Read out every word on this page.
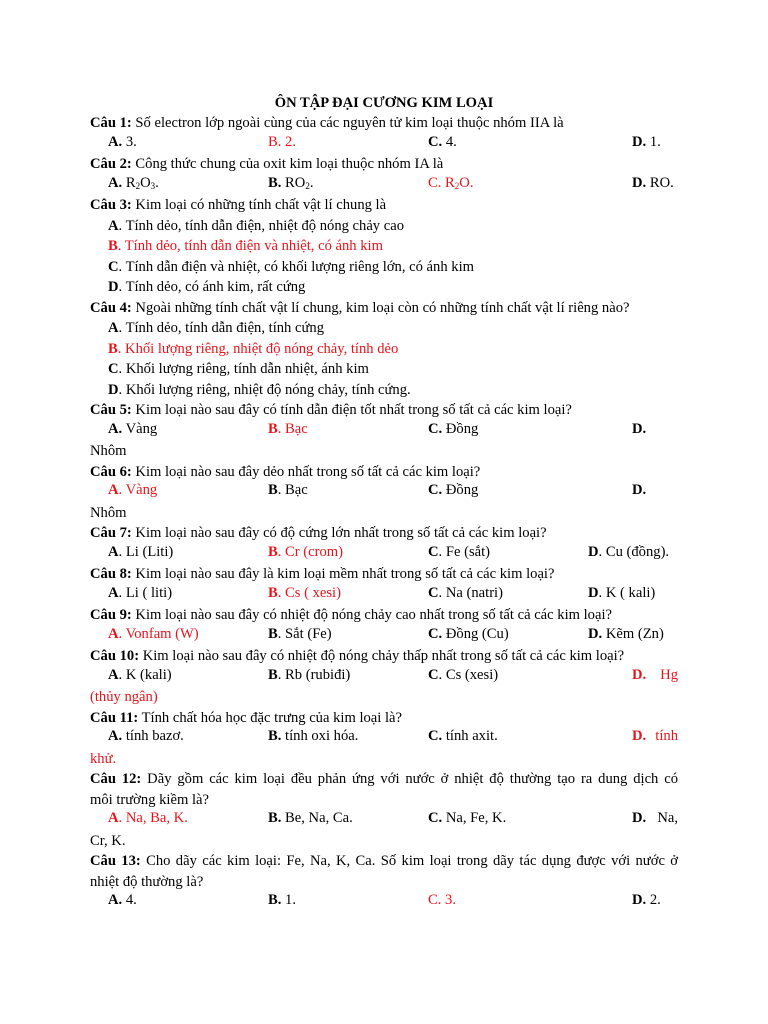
ÔN TẬP ĐẠI CƯƠNG KIM LOẠI
Câu 1: Số electron lớp ngoài cùng của các nguyên tử kim loại thuộc nhóm IIA là
A. 3.	B. 2.	C. 4.	D. 1.
Câu 2: Công thức chung của oxit kim loại thuộc nhóm IA là
A. $R_2O_3$.	B. $RO_2$.	C. $R_2O$.	D. RO.
Câu 3: Kim loại có những tính chất vật lí chung là
A. Tính dẻo, tính dẫn điện, nhiệt độ nóng chảy cao
B. Tính dẻo, tính dẫn điện và nhiệt, có ánh kim
C. Tính dẫn điện và nhiệt, có khối lượng riêng lớn, có ánh kim
D. Tính dẻo, có ánh kim, rất cứng
Câu 4: Ngoài những tính chất vật lí chung, kim loại còn có những tính chất vật lí riêng nào?
A. Tính dẻo, tính dẫn điện, tính cứng
B. Khối lượng riêng, nhiệt độ nóng chảy, tính dẻo
C. Khối lượng riêng, tính dẫn nhiệt, ánh kim
D. Khối lượng riêng, nhiệt độ nóng chảy, tính cứng.
Câu 5: Kim loại nào sau đây có tính dẫn điện tốt nhất trong số tất cả các kim loại?
A. Vàng	B. Bạc	C. Đồng	D.
Nhôm
Câu 6: Kim loại nào sau đây dẻo nhất trong số tất cả các kim loại?
A. Vàng	B. Bạc	C. Đồng	D.
Nhôm
Câu 7: Kim loại nào sau đây có độ cứng lớn nhất trong số tất cả các kim loại?
A. Li (Liti)	B. Cr (crom)	C. Fe (sắt)	D. Cu (đồng).
Câu 8: Kim loại nào sau đây là kim loại mềm nhất trong số tất cả các kim loại?
A. Li ( liti)	B. Cs ( xesi)	C. Na (natri)	D. K ( kali)
Câu 9: Kim loại nào sau đây có nhiệt độ nóng chảy cao nhất trong số tất cả các kim loại?
A. Vonfam (W)	B. Sắt (Fe)	C. Đồng (Cu)	D. Kẽm (Zn)
Câu 10: Kim loại nào sau đây có nhiệt độ nóng chảy thấp nhất trong số tất cả các kim loại?
A. K (kali)	B. Rb (rubiđi)	C. Cs (xesi)	D. Hg
(thủy ngân)
Câu 11: Tính chất hóa học đặc trưng của kim loại là?
A. tính bazơ.	B. tính oxi hóa.	C. tính axit.	D. tính
khử.
Câu 12: Dãy gồm các kim loại đều phản ứng với nước ở nhiệt độ thường tạo ra dung dịch có
môi trường kiềm là?
A. Na, Ba, K.	B. Be, Na, Ca.	C. Na, Fe, K.	D. Na,
Cr, K.
Câu 13: Cho dãy các kim loại: Fe, Na, K, Ca. Số kim loại trong dãy tác dụng được với nước ở
nhiệt độ thường là?
A. 4.	B. 1.	C. 3.	D. 2.
